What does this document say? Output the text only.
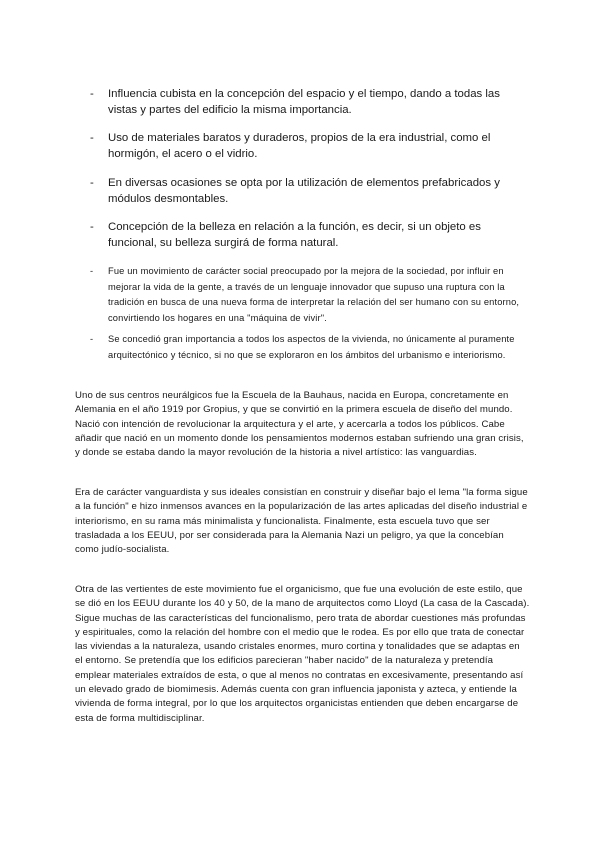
- Influencia cubista en la concepción del espacio y el tiempo, dando a todas las vistas y partes del edificio la misma importancia.
- Uso de materiales baratos y duraderos, propios de la era industrial, como el hormigón, el acero o el vidrio.
- En diversas ocasiones se opta por la utilización de elementos prefabricados y módulos desmontables.
- Concepción de la belleza en relación a la función, es decir, si un objeto es funcional, su belleza surgirá de forma natural.
- Fue un movimiento de carácter social preocupado por la mejora de la sociedad, por influir en mejorar la vida de la gente, a través de un lenguaje innovador que supuso una ruptura con la tradición en busca de una nueva forma de interpretar la relación del ser humano con su entorno, convirtiendo los hogares en una "máquina de vivir".
- Se concedió gran importancia a todos los aspectos de la vivienda, no únicamente al puramente arquitectónico y técnico, si no que se exploraron en los ámbitos del urbanismo e interiorismo.

Uno de sus centros neurálgicos fue la Escuela de la Bauhaus, nacida en Europa, concretamente en Alemania en el año 1919 por Gropius, y que se convirtió en la primera escuela de diseño del mundo. Nació con intención de revolucionar la arquitectura y el arte, y acercarla a todos los públicos. Cabe añadir que nació en un momento donde los pensamientos modernos estaban sufriendo una gran crisis, y donde se estaba dando la mayor revolución de la historia a nivel artístico: las vanguardias.

Era de carácter vanguardista y sus ideales consistían en construir y diseñar bajo el lema "la forma sigue a la función" e hizo inmensos avances en la popularización de las artes aplicadas del diseño industrial e interiorismo, en su rama más minimalista y funcionalista. Finalmente, esta escuela tuvo que ser trasladada a los EEUU, por ser considerada para la Alemania Nazi un peligro, ya que la concebían como judío-socialista.

Otra de las vertientes de este movimiento fue el organicismo, que fue una evolución de este estilo, que se dió en los EEUU durante los 40 y 50, de la mano de arquitectos como Lloyd (La casa de la Cascada). Sigue muchas de las características del funcionalismo, pero trata de abordar cuestiones más profundas y espirituales, como la relación del hombre con el medio que le rodea. Es por ello que trata de conectar las viviendas a la naturaleza, usando cristales enormes, muro cortina y tonalidades que se adaptas en el entorno. Se pretendía que los edificios parecieran "haber nacido" de la naturaleza y pretendía emplear materiales extraídos de esta, o que al menos no contratas en excesivamente, presentando así un elevado grado de biomimesis. Además cuenta con gran influencia japonista y azteca, y entiende la vivienda de forma integral, por lo que los arquitectos organicistas entienden que deben encargarse de esta de forma multidisciplinar.
